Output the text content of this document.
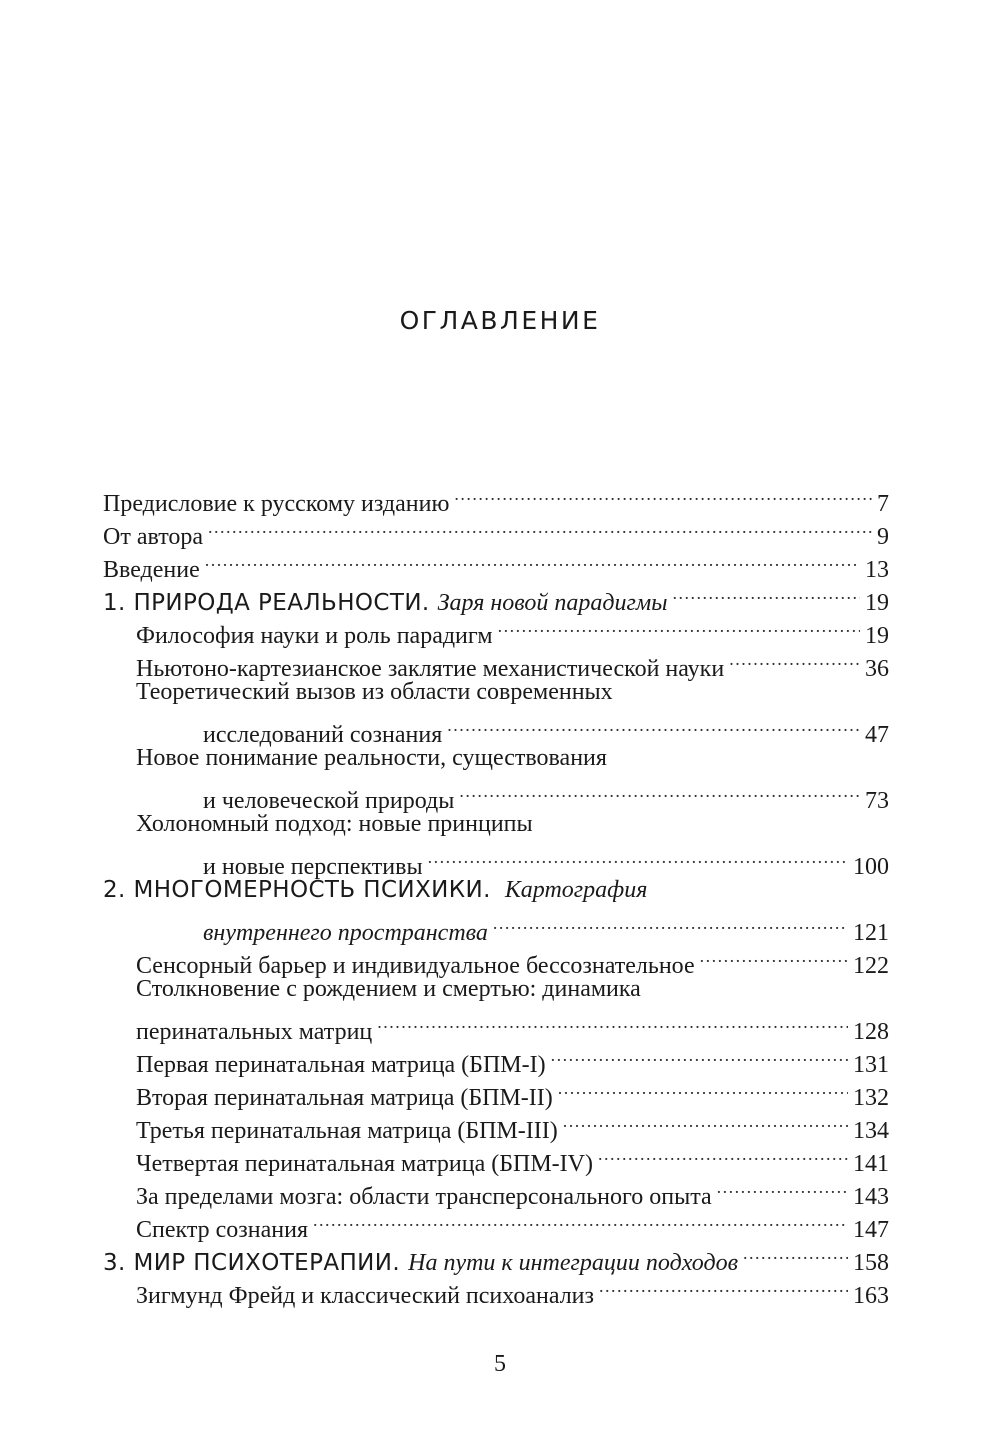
ОГЛАВЛЕНИЕ
Предисловие к русскому изданию . . .	7
От автора . . .	9
Введение . . .	13
1. ПРИРОДА РЕАЛЬНОСТИ. Заря новой парадигмы . . .	19
Философия науки и роль парадигм . . .	19
Ньютоно-картезианское заклятие механистической науки . . .	36
Теоретический вызов из области современных
исследований сознания . . .	47
Новое понимание реальности, существования
и человеческой природы . . .	73
Холономный подход: новые принципы
и новые перспективы . . .	100
2. МНОГОМЕРНОСТЬ ПСИХИКИ. Картография
внутреннего пространства . . .	121
Сенсорный барьер и индивидуальное бессознательное . . .	122
Столкновение с рождением и смертью: динамика
перинатальных матриц . . .	128
Первая перинатальная матрица (БПМ-I) . . .	131
Вторая перинатальная матрица (БПМ-II) . . .	132
Третья перинатальная матрица (БПМ-III) . . .	134
Четвертая перинатальная матрица (БПМ-IV) . . .	141
За пределами мозга: области трансперсонального опыта . . .	143
Спектр сознания . . .	147
3. МИР ПСИХОТЕРАПИИ. На пути к интеграции подходов . . .	158
Зигмунд Фрейд и классический психоанализ . . .	163
5
